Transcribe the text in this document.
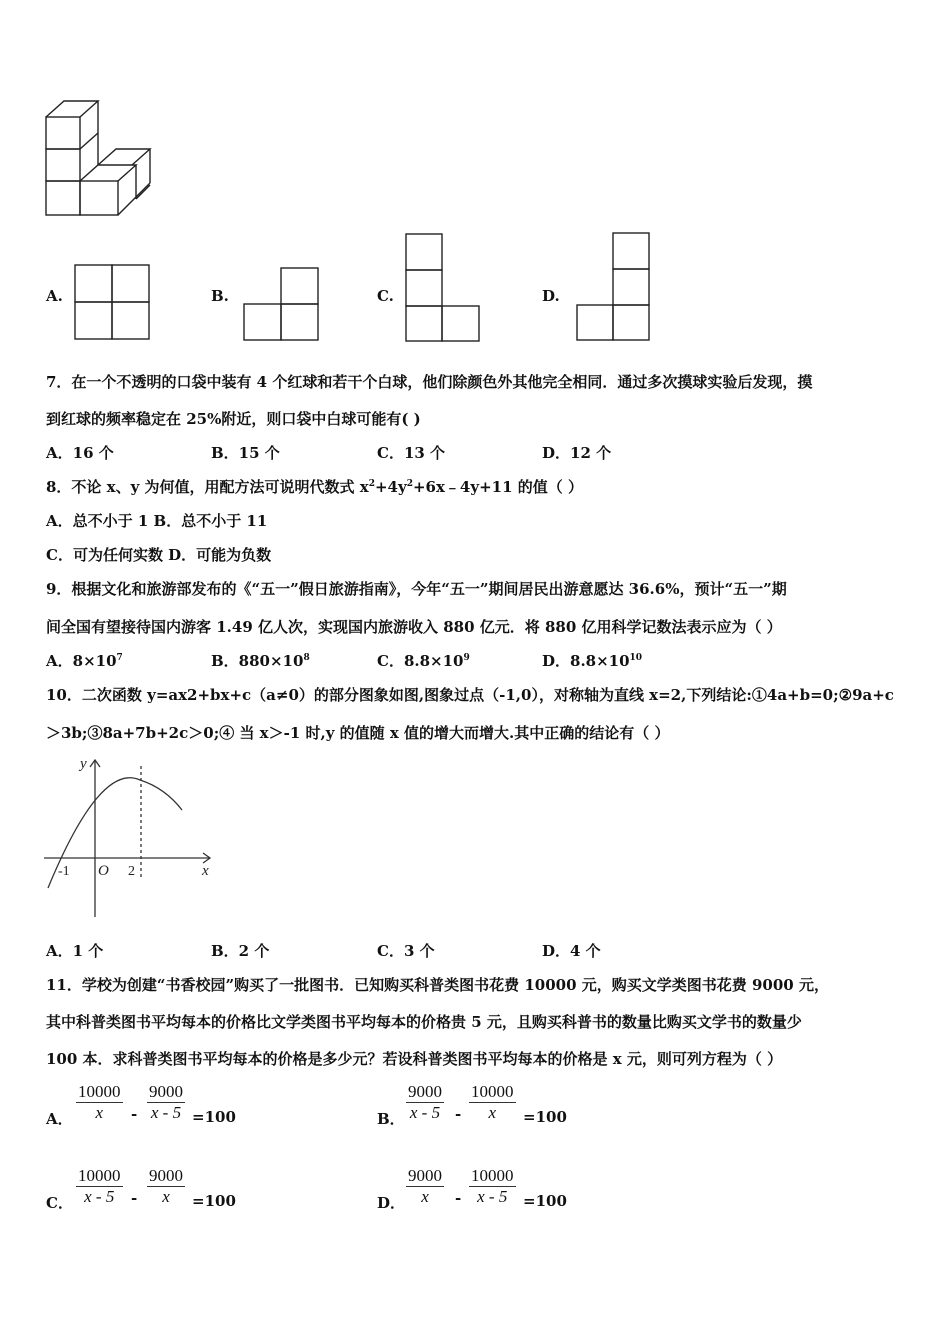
A.	B.	C.	D.
7．在一个不透明的口袋中装有 4 个红球和若干个白球，他们除颜色外其他完全相同．通过多次摸球实验后发现，摸
到红球的频率稳定在 25%附近，则口袋中白球可能有( )
A．16 个	B．15 个	C．13 个	D．12 个
8．不论 x、y 为何值，用配方法可说明代数式 $x^2+4y^2+6x﹣4y+11$ 的值（ ）
A．总不小于 1 B．总不小于 11
C．可为任何实数 D．可能为负数
9．根据文化和旅游部发布的《“五一”假日旅游指南》，今年“五一”期间居民出游意愿达 36.6%，预计“五一”期
间全国有望接待国内游客 1.49 亿人次，实现国内旅游收入 880 亿元．将 880 亿用科学记数法表示应为（ ）
A．$8\times 10^7$	B．$880\times 10^8$	C．$8.8\times 10^9$	D．$8.8\times 10^{10}$
10．二次函数 y=ax2+bx+c（a≠0）的部分图象如图,图象过点（-1,0），对称轴为直线 x=2,下列结论:①4a+b=0;②9a+c
＞3b;③8a+7b+2c＞0;④ 当 x＞-1 时,y 的值随 x 值的增大而增大.其中正确的结论有（ ）
y
x
O
-1	2
A．1 个	B．2 个	C．3 个	D．4 个
11．学校为创建“书香校园”购买了一批图书．已知购买科普类图书花费 10000 元，购买文学类图书花费 9000 元，
其中科普类图书平均每本的价格比文学类图书平均每本的价格贵 5 元，且购买科普书的数量比购买文学书的数量少
100 本．求科普类图书平均每本的价格是多少元？若设科普类图书平均每本的价格是 x 元，则可列方程为（ ）
A． $\frac{10000}{x} - \frac{9000}{x - 5} =100$	B． $\frac{9000}{x - 5} - \frac{10000}{x} =100$
C． $\frac{10000}{x - 5} - \frac{9000}{x} =100$	D． $\frac{9000}{x} - \frac{10000}{x - 5} =100$
